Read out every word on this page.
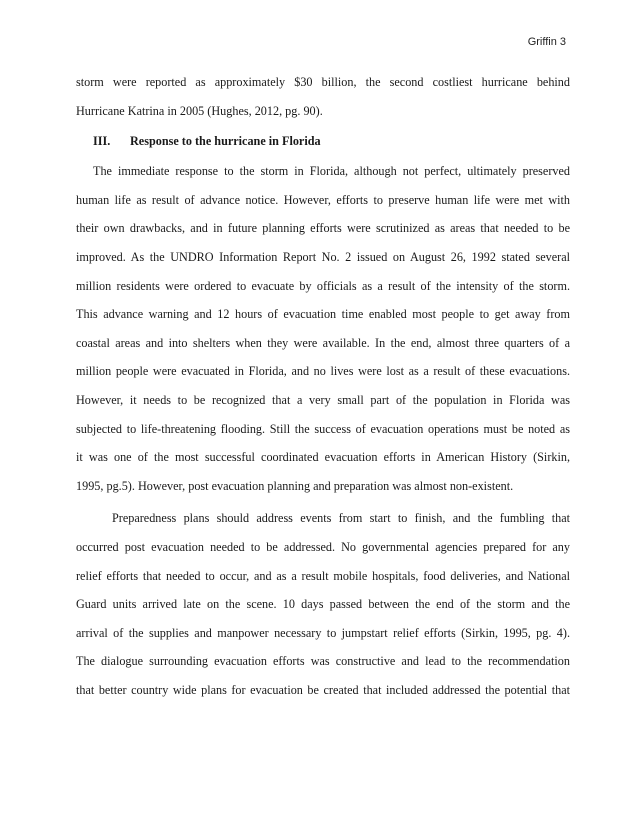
Griffin 3
storm were reported as approximately $30 billion, the second costliest hurricane behind
Hurricane Katrina in 2005 (Hughes, 2012, pg. 90).
III.	Response to the hurricane in Florida
The immediate response to the storm in Florida, although not perfect, ultimately preserved
human life as result of advance notice. However, efforts to preserve human life were met with
their own drawbacks, and in future planning efforts were scrutinized as areas that needed to be
improved. As the UNDRO Information Report No. 2 issued on August 26, 1992 stated several
million residents were ordered to evacuate by officials as a result of the intensity of the storm.
This advance warning and 12 hours of evacuation time enabled most people to get away from
coastal areas and into shelters when they were available. In the end, almost three quarters of a
million people were evacuated in Florida, and no lives were lost as a result of these evacuations.
However, it needs to be recognized that a very small part of the population in Florida was
subjected to life-threatening flooding. Still the success of evacuation operations must be noted as
it was one of the most successful coordinated evacuation efforts in American History (Sirkin,
1995, pg.5). However, post evacuation planning and preparation was almost non-existent.
Preparedness plans should address events from start to finish, and the fumbling that
occurred post evacuation needed to be addressed. No governmental agencies prepared for any
relief efforts that needed to occur, and as a result mobile hospitals, food deliveries, and National
Guard units arrived late on the scene. 10 days passed between the end of the storm and the
arrival of the supplies and manpower necessary to jumpstart relief efforts (Sirkin, 1995, pg. 4).
The dialogue surrounding evacuation efforts was constructive and lead to the recommendation
that better country wide plans for evacuation be created that included addressed the potential that
